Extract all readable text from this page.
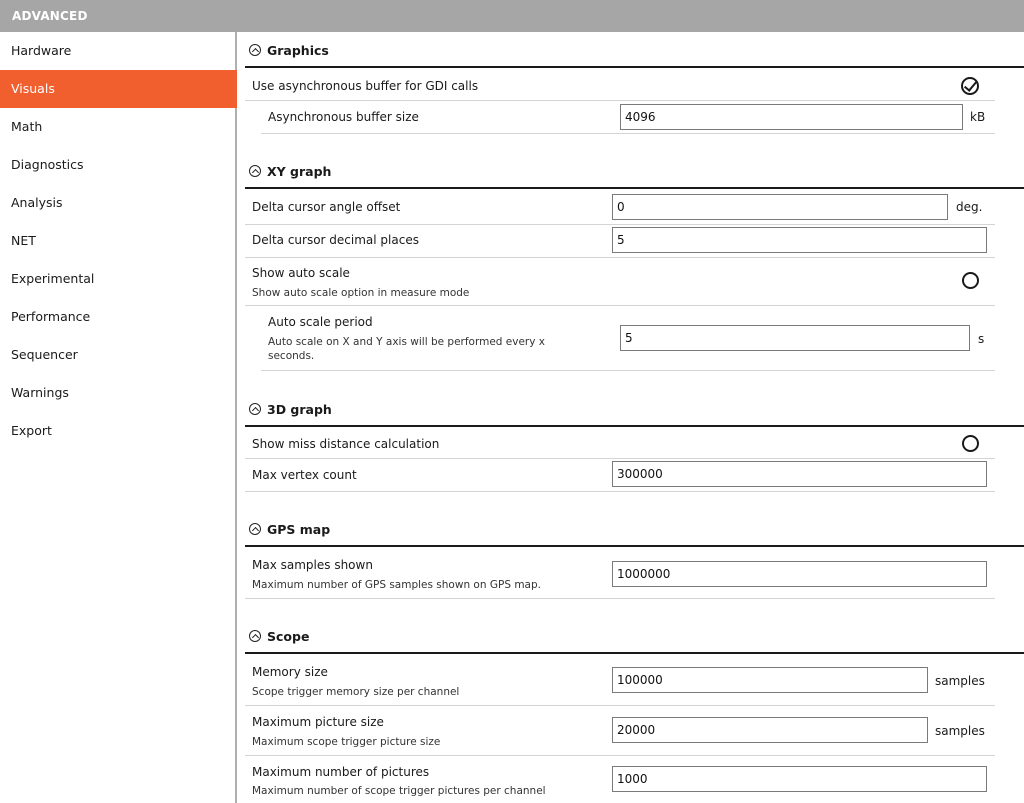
ADVANCED
Hardware
Visuals
Math
Diagnostics
Analysis
NET
Experimental
Performance
Sequencer
Warnings
Export
Graphics
Use asynchronous buffer for GDI calls
Asynchronous buffer size
4096	kB
XY graph
Delta cursor angle offset
0	deg.
Delta cursor decimal places
5
Show auto scale
Show auto scale option in measure mode
Auto scale period
Auto scale on X and Y axis will be performed every x seconds.
5
s
3D graph
Show miss distance calculation
Max vertex count
300000
GPS map
Max samples shown
Maximum number of GPS samples shown on GPS map.
1000000
Scope
Memory size
Scope trigger memory size per channel
100000
samples
Maximum picture size
Maximum scope trigger picture size
20000
samples
Maximum number of pictures
Maximum number of scope trigger pictures per channel
1000
